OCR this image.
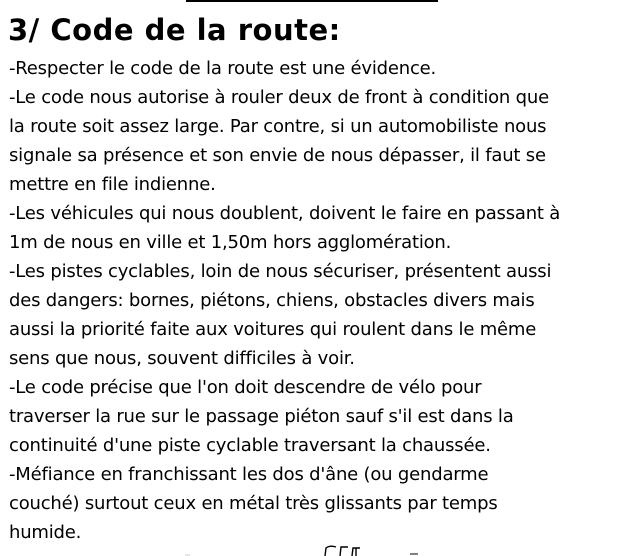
3/ Code de la route:
-Respecter le code de la route est une évidence.
-Le code nous autorise à rouler deux de front à condition que
la route soit assez large. Par contre, si un automobiliste nous
signale sa présence et son envie de nous dépasser, il faut se
mettre en file indienne.
-Les véhicules qui nous doublent, doivent le faire en passant à
1m de nous en ville et 1,50m hors agglomération.
-Les pistes cyclables, loin de nous sécuriser, présentent aussi
des dangers: bornes, piétons, chiens, obstacles divers mais
aussi la priorité faite aux voitures qui roulent dans le même
sens que nous, souvent difficiles à voir.
-Le code précise que l'on doit descendre de vélo pour
traverser la rue sur le passage piéton sauf s'il est dans la
continuité d'une piste cyclable traversant la chaussée.
-Méfiance en franchissant les dos d'âne (ou gendarme
couché) surtout ceux en métal très glissants par temps
humide.
